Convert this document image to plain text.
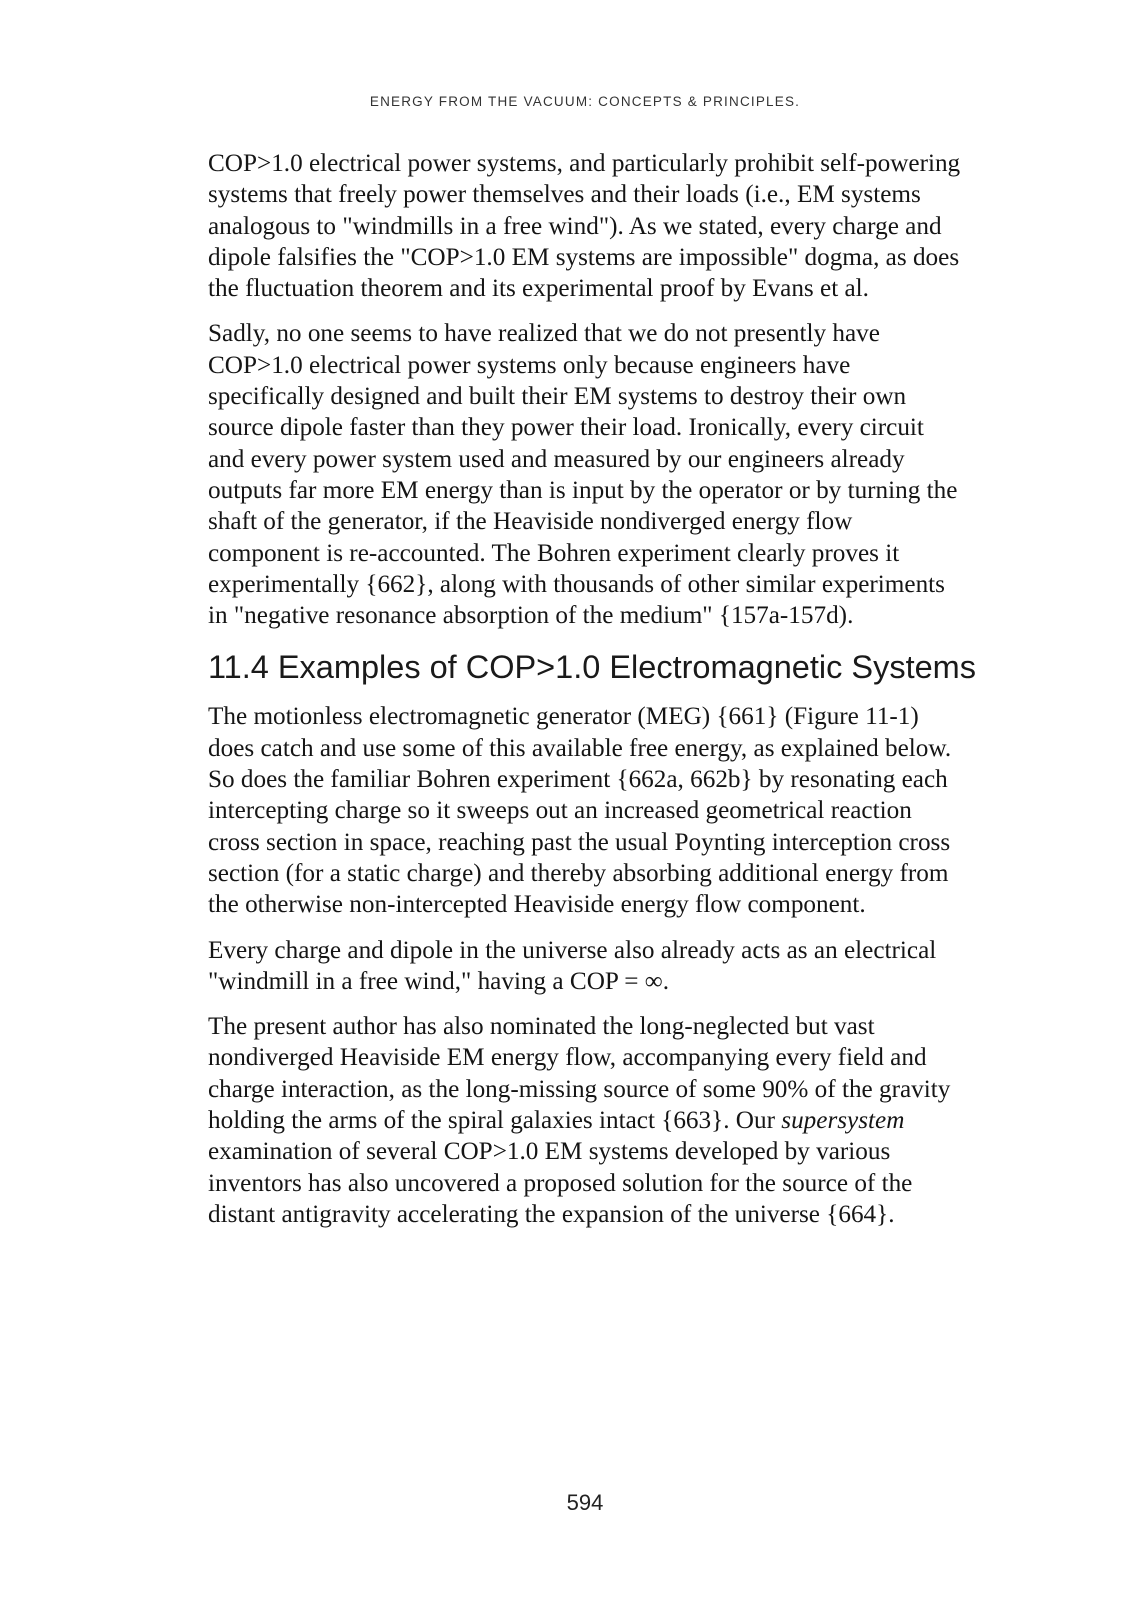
ENERGY FROM THE VACUUM: CONCEPTS & PRINCIPLES.

COP>1.0 electrical power systems, and particularly prohibit self-powering
systems that freely power themselves and their loads (i.e., EM systems
analogous to "windmills in a free wind"). As we stated, every charge and
dipole falsifies the "COP>1.0 EM systems are impossible" dogma, as does
the fluctuation theorem and its experimental proof by Evans et al.

Sadly, no one seems to have realized that we do not presently have
COP>1.0 electrical power systems only because engineers have
specifically designed and built their EM systems to destroy their own
source dipole faster than they power their load. Ironically, every circuit
and every power system used and measured by our engineers already
outputs far more EM energy than is input by the operator or by turning the
shaft of the generator, if the Heaviside nondiverged energy flow
component is re-accounted. The Bohren experiment clearly proves it
experimentally {662}, along with thousands of other similar experiments
in "negative resonance absorption of the medium" {157a-157d).

11.4 Examples of COP>1.0 Electromagnetic Systems

The motionless electromagnetic generator (MEG) {661} (Figure 11-1)
does catch and use some of this available free energy, as explained below.
So does the familiar Bohren experiment {662a, 662b} by resonating each
intercepting charge so it sweeps out an increased geometrical reaction
cross section in space, reaching past the usual Poynting interception cross
section (for a static charge) and thereby absorbing additional energy from
the otherwise non-intercepted Heaviside energy flow component.

Every charge and dipole in the universe also already acts as an electrical
"windmill in a free wind," having a COP = ∞.

The present author has also nominated the long-neglected but vast
nondiverged Heaviside EM energy flow, accompanying every field and
charge interaction, as the long-missing source of some 90% of the gravity
holding the arms of the spiral galaxies intact {663}. Our supersystem
examination of several COP>1.0 EM systems developed by various
inventors has also uncovered a proposed solution for the source of the
distant antigravity accelerating the expansion of the universe {664}.

594
